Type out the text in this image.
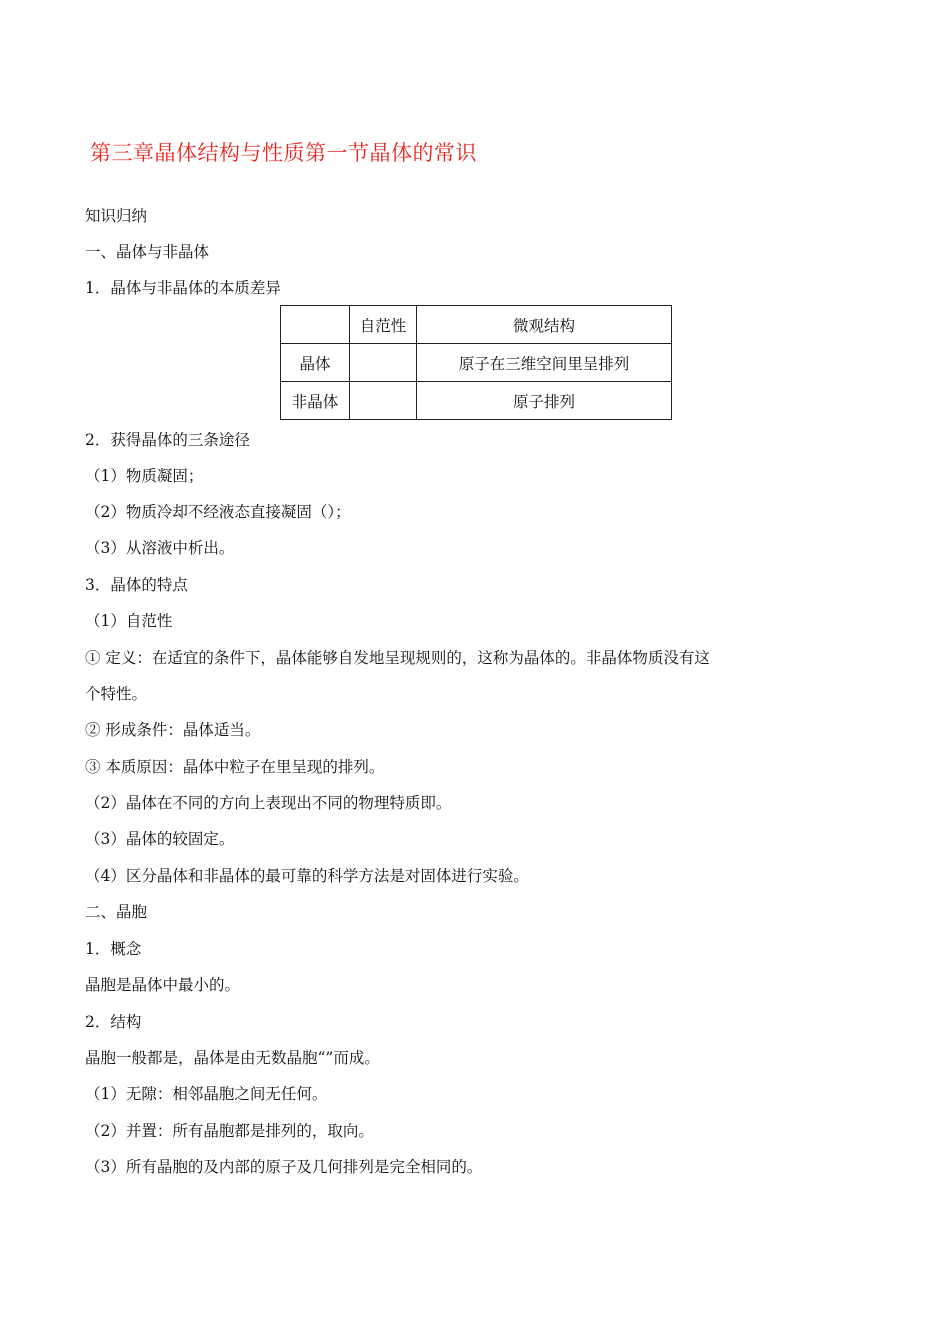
第三章晶体结构与性质第一节晶体的常识
知识归纳
一、晶体与非晶体
1．晶体与非晶体的本质差异
	自范性	微观结构
晶体		原子在三维空间里呈排列
非晶体		原子排列
2．获得晶体的三条途径
（1）物质凝固；
（2）物质冷却不经液态直接凝固（）；
（3）从溶液中析出。
3．晶体的特点
（1）自范性
① 定义：在适宜的条件下，晶体能够自发地呈现规则的，这称为晶体的。非晶体物质没有这
个特性。
② 形成条件：晶体适当。
③ 本质原因：晶体中粒子在里呈现的排列。
（2）晶体在不同的方向上表现出不同的物理特质即。
（3）晶体的较固定。
（4）区分晶体和非晶体的最可靠的科学方法是对固体进行实验。
二、晶胞
1．概念
晶胞是晶体中最小的。
2．结构
晶胞一般都是，晶体是由无数晶胞“”而成。
（1）无隙：相邻晶胞之间无任何。
（2）并置：所有晶胞都是排列的，取向。
（3）所有晶胞的及内部的原子及几何排列是完全相同的。
